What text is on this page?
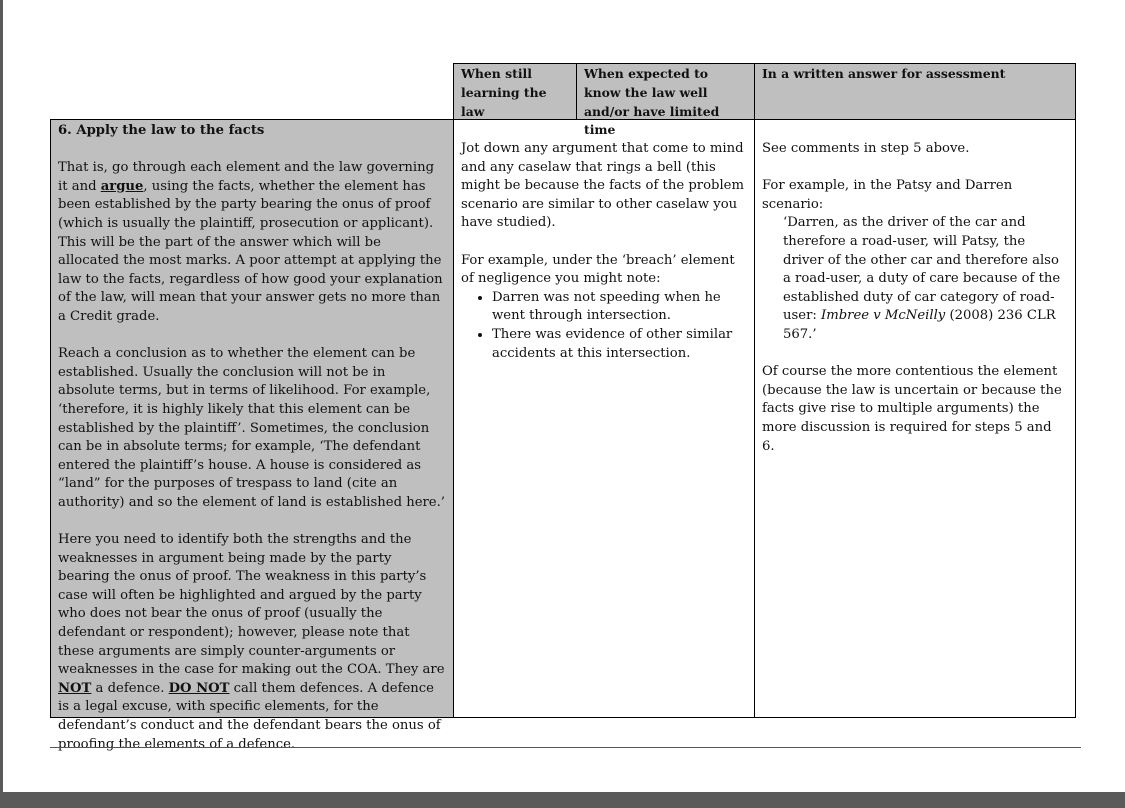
When still learning the law
When expected to know the law well and/or have limited time
In a written answer for assessment

6. Apply the law to the facts

That is, go through each element and the law governing it and argue, using the facts, whether the element has been established by the party bearing the onus of proof (which is usually the plaintiff, prosecution or applicant). This will be the part of the answer which will be allocated the most marks. A poor attempt at applying the law to the facts, regardless of how good your explanation of the law, will mean that your answer gets no more than a Credit grade.

Reach a conclusion as to whether the element can be established. Usually the conclusion will not be in absolute terms, but in terms of likelihood. For example, ‘therefore, it is highly likely that this element can be established by the plaintiff’. Sometimes, the conclusion can be in absolute terms; for example, ‘The defendant entered the plaintiff’s house. A house is considered as “land” for the purposes of trespass to land (cite an authority) and so the element of land is established here.’

Here you need to identify both the strengths and the weaknesses in argument being made by the party bearing the onus of proof. The weakness in this party’s case will often be highlighted and argued by the party who does not bear the onus of proof (usually the defendant or respondent); however, please note that these arguments are simply counter-arguments or weaknesses in the case for making out the COA. They are NOT a defence. DO NOT call them defences. A defence is a legal excuse, with specific elements, for the defendant’s conduct and the defendant bears the onus of proofing the elements of a defence.

Jot down any argument that come to mind and any caselaw that rings a bell (this might be because the facts of the problem scenario are similar to other caselaw you have studied).

For example, under the ‘breach’ element of negligence you might note:

• Darren was not speeding when he went through intersection.
• There was evidence of other similar accidents at this intersection.

See comments in step 5 above.

For example, in the Patsy and Darren scenario:

‘Darren, as the driver of the car and therefore a road-user, will Patsy, the driver of the other car and therefore also a road-user, a duty of care because of the established duty of car category of road-user: Imbree v McNeilly (2008) 236 CLR 567.’

Of course the more contentious the element (because the law is uncertain or because the facts give rise to multiple arguments) the more discussion is required for steps 5 and 6.
